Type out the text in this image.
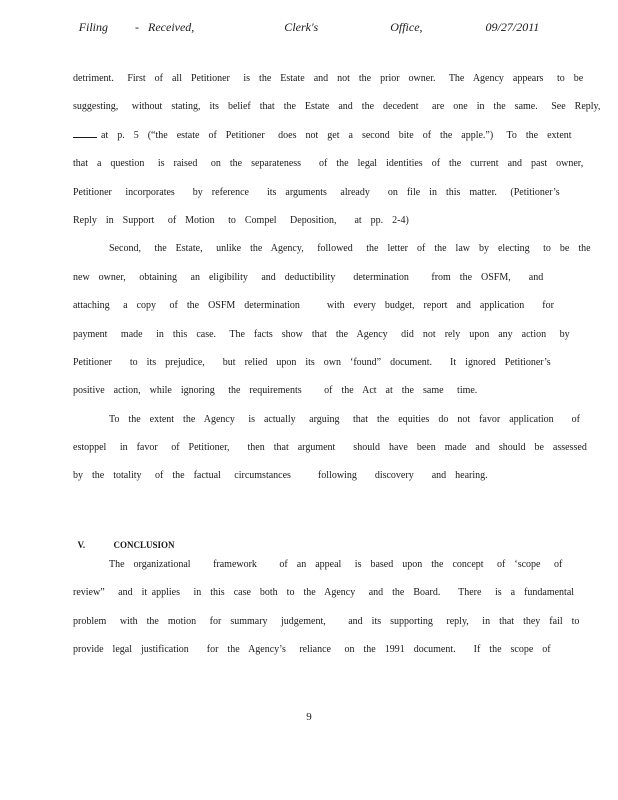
Filing   - Received,          Clerk's        Office,       09/27/2011
detriment.   First  of  all  Petitioner   is  the  Estate  and  not  the  prior  owner.   The  Agency  appears   to  be
suggesting,   without  stating,  its  belief  that  the  Estate  and  the  decedent   are  one  in  the  same.   See  Reply,
at  p.  5  (“the  estate  of  Petitioner   does  not  get  a  second  bite  of  the  apple.”)   To  the  extent
that  a  question   is  raised   on  the  separateness    of  the  legal  identities  of  the  current  and  past  owner,
Petitioner   incorporates    by  reference    its  arguments   already    on  file  in  this  matter.   (Petitioner’s
Reply  in  Support   of  Motion   to  Compel   Deposition,    at  pp.  2-4)
Second,   the  Estate,   unlike  the  Agency,   followed   the  letter  of  the  law  by  electing   to  be  the
new  owner,   obtaining   an  eligibility   and  deductibility    determination     from  the  OSFM,    and
attaching   a  copy   of  the  OSFM  determination      with  every  budget,  report  and  application    for
payment   made   in  this  case.   The  facts  show  that  the  Agency   did  not  rely  upon  any  action   by
Petitioner    to  its  prejudice,    but  relied  upon  its  own  ‘found”  document.    It  ignored  Petitioner’s
positive  action,  while  ignoring   the  requirements     of  the  Act  at  the  same   time.
To  the  extent  the  Agency   is  actually   arguing   that  the  equities  do  not  favor  application    of
estoppel   in  favor   of  Petitioner,    then  that  argument    should  have  been  made  and  should  be  assessed
by  the  totality   of  the  factual   circumstances      following    discovery    and  hearing.

V.	CONCLUSION

The  organizational     framework     of  an  appeal   is  based  upon  the  concept   of  ‘scope   of
review”   and  it applies   in  this  case  both  to  the  Agency   and  the  Board.    There   is  a  fundamental
problem   with  the  motion   for  summary   judgement,     and  its  supporting   reply,   in  that  they  fail  to
provide  legal  justification    for  the  Agency’s   reliance   on  the  1991  document.    If  the  scope  of
9
